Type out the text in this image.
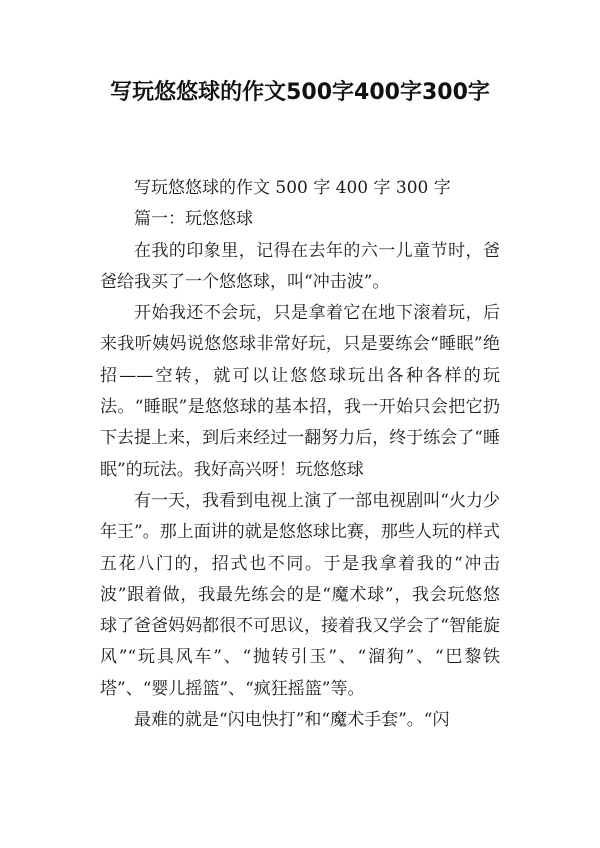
写玩悠悠球的作文500字400字300字

写玩悠悠球的作文 500 字 400 字 300 字

篇一：玩悠悠球

在我的印象里，记得在去年的六一儿童节时，爸爸给我买了一个悠悠球，叫“冲击波”。

开始我还不会玩，只是拿着它在地下滚着玩，后来我听姨妈说悠悠球非常好玩，只是要练会“睡眠”绝招——空转，就可以让悠悠球玩出各种各样的玩法。“睡眠”是悠悠球的基本招，我一开始只会把它扔下去提上来，到后来经过一翻努力后，终于练会了“睡眠”的玩法。我好高兴呀！玩悠悠球

有一天，我看到电视上演了一部电视剧叫“火力少年王”。那上面讲的就是悠悠球比赛，那些人玩的样式五花八门的，招式也不同。于是我拿着我的“冲击波”跟着做，我最先练会的是“魔术球”，我会玩悠悠球了爸爸妈妈都很不可思议，接着我又学会了“智能旋风”“玩具风车”、“抛转引玉”、“溜狗”、“巴黎铁塔”、“婴儿摇篮”、“疯狂摇篮”等。

最难的就是“闪电快打”和“魔术手套”。“闪
